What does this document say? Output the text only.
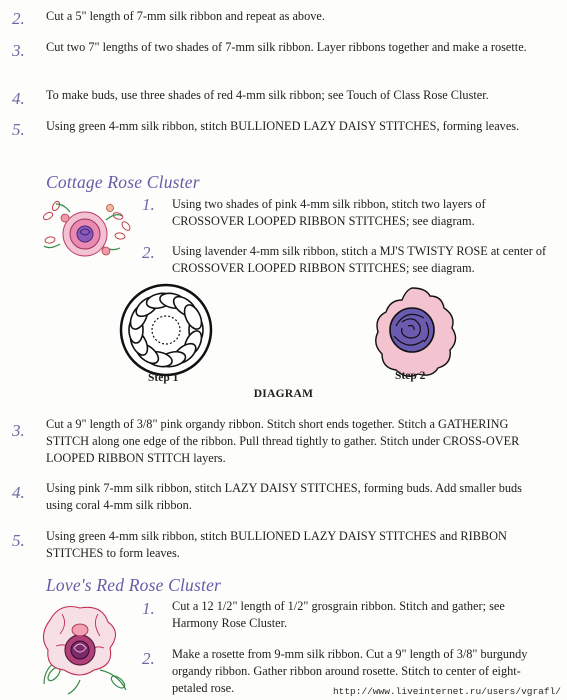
2.	Cut a 5" length of 7-mm silk ribbon and repeat as above.
3.	Cut two 7" lengths of two shades of 7-mm silk ribbon. Layer ribbons together and make a rosette.
4.	To make buds, use three shades of red 4-mm silk ribbon; see Touch of Class Rose Cluster.
5.	Using green 4-mm silk ribbon, stitch BULLIONED LAZY DAISY STITCHES, forming leaves.
Cottage Rose Cluster
1.	Using two shades of pink 4-mm silk ribbon, stitch two layers of CROSSOVER LOOPED RIBBON STITCHES; see diagram.
2.	Using lavender 4-mm silk ribbon, stitch a MJ'S TWISTY ROSE at center of CROSSOVER LOOPED RIBBON STITCHES; see diagram.
Step 1	Step 2
DIAGRAM
3.	Cut a 9" length of 3/8" pink organdy ribbon. Stitch short ends together. Stitch a GATHERING STITCH along one edge of the ribbon. Pull thread tightly to gather. Stitch under CROSS-OVER LOOPED RIBBON STITCH layers.
4.	Using pink 7-mm silk ribbon, stitch LAZY DAISY STITCHES, forming buds. Add smaller buds using coral 4-mm silk ribbon.
5.	Using green 4-mm silk ribbon, stitch BULLIONED LAZY DAISY STITCHES and RIBBON STITCHES to form leaves.
Love's Red Rose Cluster
1.	Cut a 12 1/2" length of 1/2" grosgrain ribbon. Stitch and gather; see Harmony Rose Cluster.
2.	Make a rosette from 9-mm silk ribbon. Cut a 9" length of 3/8" burgundy organdy ribbon. Gather ribbon around rosette. Stitch to center of eight-petaled rose.	http://www.liveinternet.ru/users/vgrafl/
